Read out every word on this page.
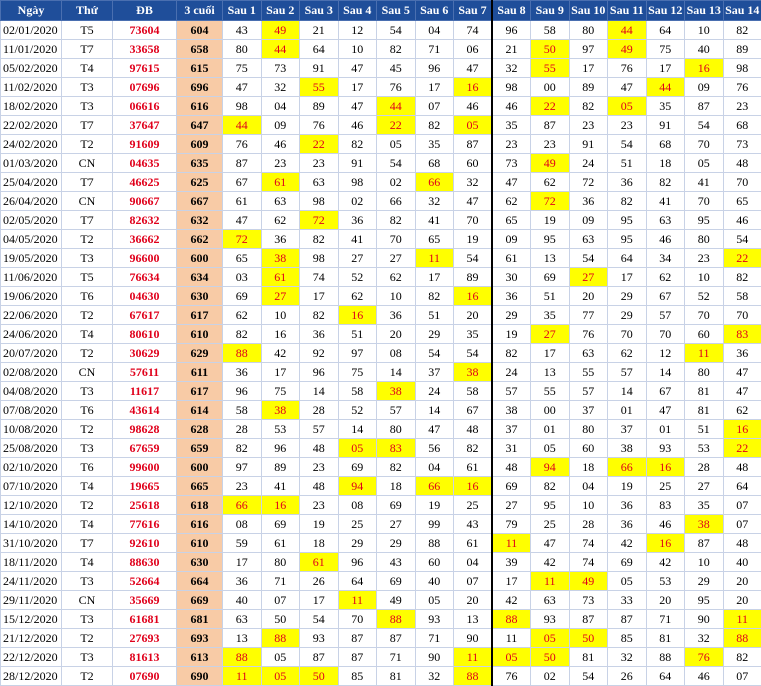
Ngày	Thứ	ĐB	3 cuối	Sau 1	Sau 2	Sau 3	Sau 4	Sau 5	Sau 6	Sau 7	Sau 8	Sau 9	Sau 10	Sau 11	Sau 12	Sau 13	Sau 14
02/01/2020	T5	73604	604	43	49	21	12	54	04	74	96	58	80	44	64	10	82
11/01/2020	T7	33658	658	80	44	64	10	82	71	06	21	50	97	49	75	40	89
05/02/2020	T4	97615	615	75	73	91	47	45	96	47	32	55	17	76	17	16	98
11/02/2020	T3	07696	696	47	32	55	17	76	17	16	98	00	89	47	44	09	76
18/02/2020	T3	06616	616	98	04	89	47	44	07	46	46	22	82	05	35	87	23
22/02/2020	T7	37647	647	44	09	76	46	22	82	05	35	87	23	23	91	54	68
24/02/2020	T2	91609	609	76	46	22	82	05	35	87	23	23	91	54	68	70	73
01/03/2020	CN	04635	635	87	23	23	91	54	68	60	73	49	24	51	18	05	48
25/04/2020	T7	46625	625	67	61	63	98	02	66	32	47	62	72	36	82	41	70
26/04/2020	CN	90667	667	61	63	98	02	66	32	47	62	72	36	82	41	70	65
02/05/2020	T7	82632	632	47	62	72	36	82	41	70	65	19	09	95	63	95	46
04/05/2020	T2	36662	662	72	36	82	41	70	65	19	09	95	63	95	46	80	54
19/05/2020	T3	96600	600	65	38	98	27	27	11	54	61	13	54	64	34	23	22
11/06/2020	T5	76634	634	03	61	74	52	62	17	89	30	69	27	17	62	10	82
19/06/2020	T6	04630	630	69	27	17	62	10	82	16	36	51	20	29	67	52	58
22/06/2020	T2	67617	617	62	10	82	16	36	51	20	29	35	77	29	57	70	70
24/06/2020	T4	80610	610	82	16	36	51	20	29	35	19	27	76	70	70	60	83
20/07/2020	T2	30629	629	88	42	92	97	08	54	54	82	17	63	62	12	11	36
02/08/2020	CN	57611	611	36	17	96	75	14	37	38	24	13	55	57	14	80	47
04/08/2020	T3	11617	617	96	75	14	58	38	24	58	57	55	57	14	67	81	47
07/08/2020	T6	43614	614	58	38	28	52	57	14	67	38	00	37	01	47	81	62
10/08/2020	T2	98628	628	28	53	57	14	80	47	48	37	01	80	37	01	51	16
25/08/2020	T3	67659	659	82	96	48	05	83	56	82	31	05	60	38	93	53	22
02/10/2020	T6	99600	600	97	89	23	69	82	04	61	48	94	18	66	16	28	48
07/10/2020	T4	19665	665	23	41	48	94	18	66	16	69	82	04	19	25	27	64
12/10/2020	T2	25618	618	66	16	23	08	69	19	25	27	95	10	36	83	35	07
14/10/2020	T4	77616	616	08	69	19	25	27	99	43	79	25	28	36	46	38	07
31/10/2020	T7	92610	610	59	61	18	29	29	88	61	11	47	74	42	16	87	48
18/11/2020	T4	88630	630	17	80	61	96	43	60	04	39	42	74	69	42	10	40
24/11/2020	T3	52664	664	36	71	26	64	69	40	07	17	11	49	05	53	29	20
29/11/2020	CN	35669	669	40	07	17	11	49	05	20	42	63	73	33	20	95	20
15/12/2020	T3	61681	681	63	50	54	70	88	93	13	88	93	87	87	71	90	11
21/12/2020	T2	27693	693	13	88	93	87	87	71	90	11	05	50	85	81	32	88
22/12/2020	T3	81613	613	88	05	87	87	71	90	11	05	50	81	32	88	76	82
28/12/2020	T2	07690	690	11	05	50	85	81	32	88	76	02	54	26	64	46	07
